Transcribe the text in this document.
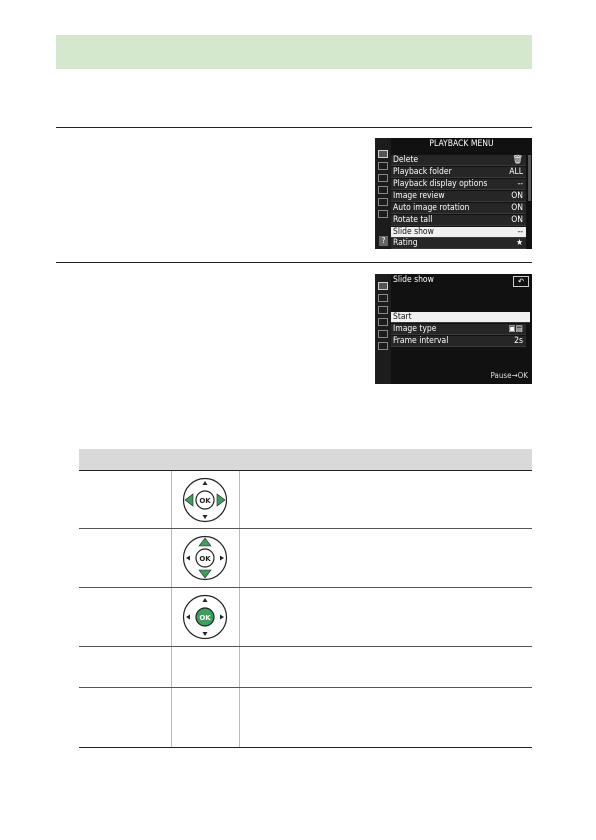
?
PLAYBACK MENU
Delete	🗑
Playback folder	ALL
Playback display options	--
Image review	ON
Auto image rotation	ON
Rotate tall	ON
Slide show	--
Rating	★
Slide show	↶
Start
Image type	▣▤
Frame interval	2s
Pause→OK

OK	

OK	

OK	
